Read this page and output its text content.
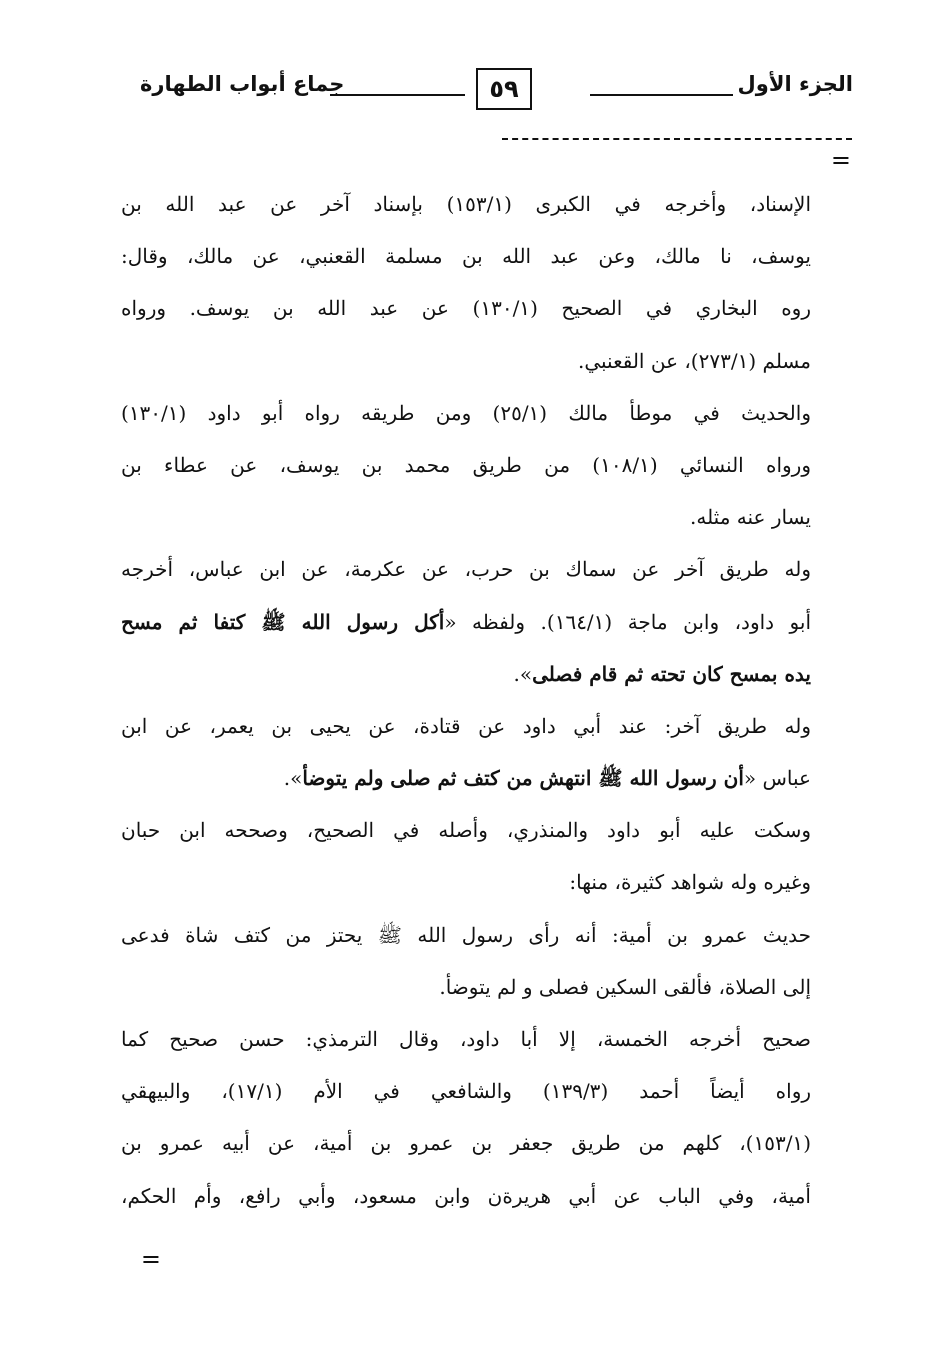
الجزء الأول
٥٩
جماع أبواب الطهارة
=
الإسناد، وأخرجه في الكبرى (١٥٣/١) بإسناد آخر عن عبد الله بن
يوسف، نا مالك، وعن عبد الله بن مسلمة القعنبي، عن مالك، وقال:
روه البخاري في الصحيح (١٣٠/١) عن عبد الله بن يوسف. ورواه
مسلم (٢٧٣/١)، عن القعنبي.
والحديث في موطأ مالك (٢٥/١) ومن طريقه رواه أبو داود (١٣٠/١)
ورواه النسائي (١٠٨/١) من طريق محمد بن يوسف، عن عطاء بن
يسار عنه مثله.
وله طريق آخر عن سماك بن حرب، عن عكرمة، عن ابن عباس، أخرجه
أبو داود، وابن ماجة (١٦٤/١). ولفظه «أكل رسول الله ﷺ كتفا ثم مسح
يده بمسح كان تحته ثم قام فصلى».
وله طريق آخر: عند أبي داود عن قتادة، عن يحيى بن يعمر، عن ابن
عباس «أن رسول الله ﷺ انتهش من كتف ثم صلى ولم يتوضأ».
وسكت عليه أبو داود والمنذري، وأصله في الصحيح، وصححه ابن حبان
وغيره وله شواهد كثيرة، منها:
حديث عمرو بن أمية: أنه رأى رسول الله ﷺ يحتز من كتف شاة فدعى
إلى الصلاة، فألقى السكين فصلى و لم يتوضأ.
صحيح أخرجه الخمسة، إلا أبا داود، وقال الترمذي: حسن صحيح كما
رواه أيضاً أحمد (١٣٩/٣) والشافعي في الأم (١٧/١)، والبيهقي
(١٥٣/١)، كلهم من طريق جعفر بن عمرو بن أمية، عن أبيه عمرو بن
أمية، وفي الباب عن أبي هريرةن وابن مسعود، وأبي رافع، وأم الحكم،
=
